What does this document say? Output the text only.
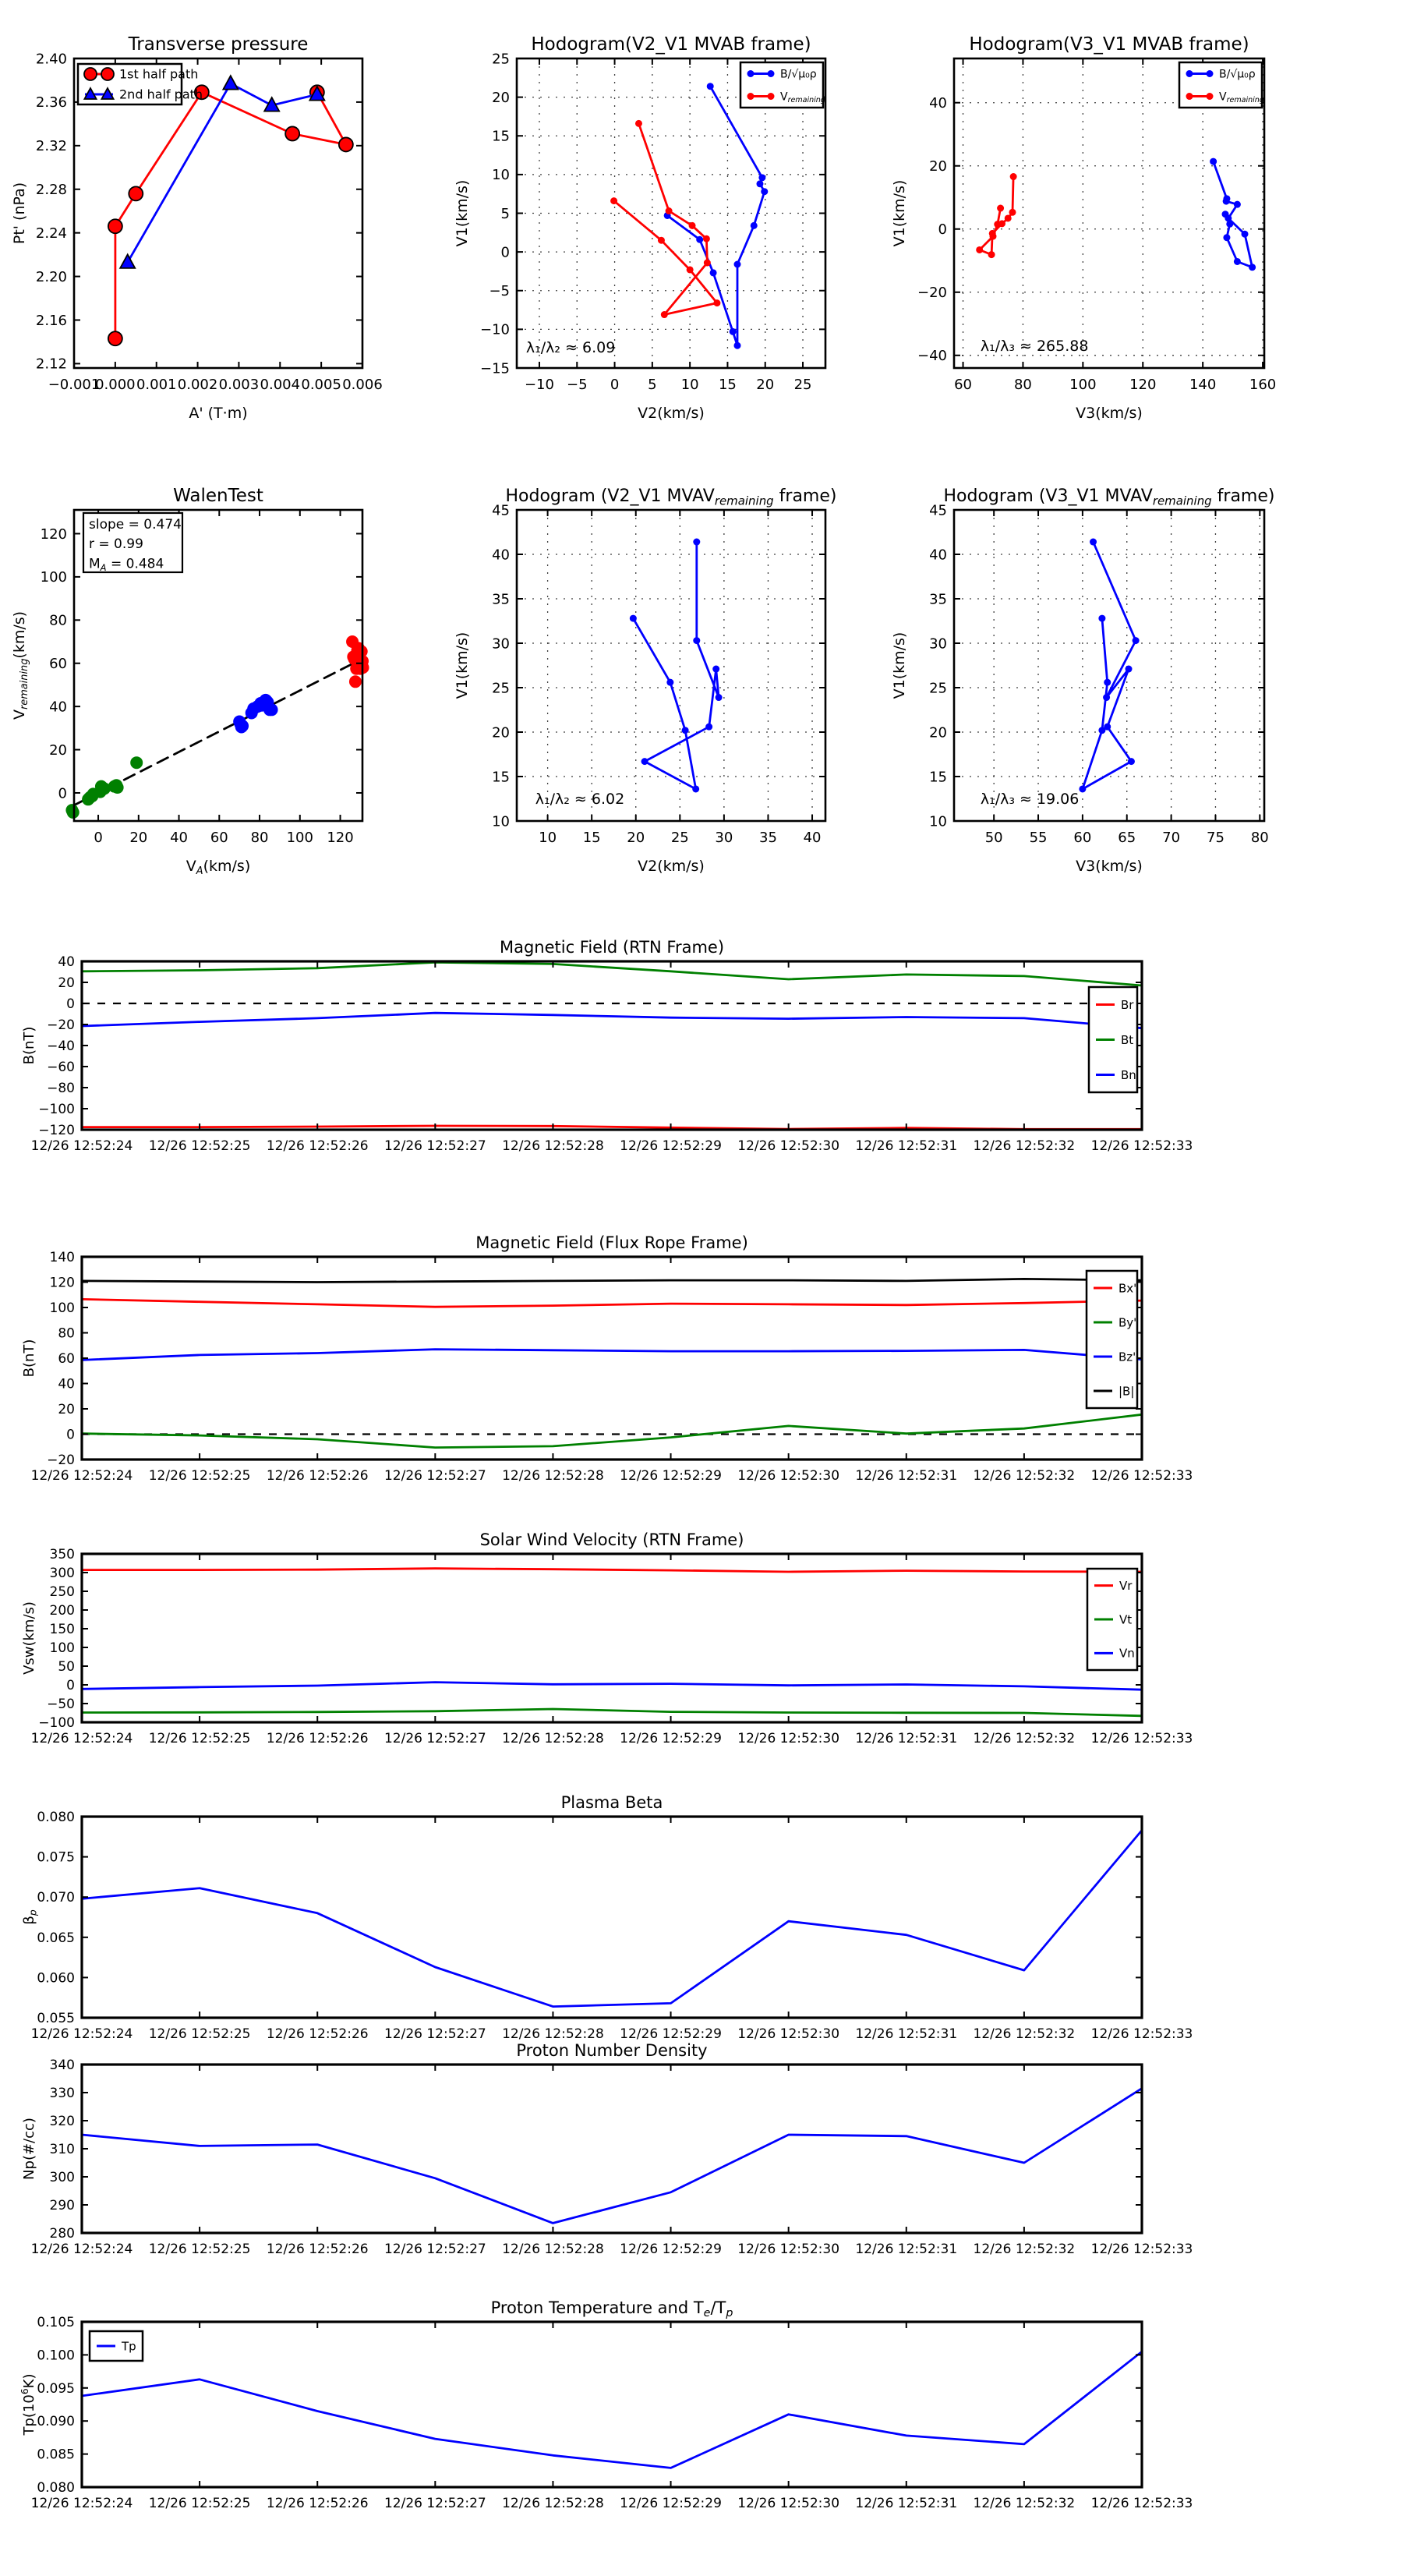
−0.001
0.000 0.001 0.002 0.003 0.004 0.005 0.006
2.12
2.16
2.20
2.24
2.28
2.32
2.36
2.40
Transverse pressure
A' (T·m)
Pt' (nPa)
1st half path
2nd half path
−10 −5 0 5 10 15 20 25
−15
−10
−5
0
5
10
15
20
25
Hodogram(V2_V1 MVAB frame)
V2(km/s)
V1(km/s)
λ₁/λ₂ ≈ 6.09
B/√μ₀ρ
$V_{remaining}$
60	80	100 120 140 160
−40
−20
0
20
40
Hodogram(V3_V1 MVAB frame)
V3(km/s)
V1(km/s)
λ₁/λ₃ ≈ 265.88
B/√μ₀ρ
$V_{remaining}$
0 20 40 60 80 100 120
0
20
40
60
80
100
120
WalenTest
$V_A(km/s)$
$V_{remaining}(km/s)$
slope = 0.474
r = 0.99
$M_A = 0.484$
10 15 20 25 30 35 40
10
15
20
25
30
35
40
45
Hodogram (V2_V1 $MVAV_{remaining}$ frame)
V2(km/s)
V1(km/s)
λ₁/λ₂ ≈ 6.02
50 55 60 65 70 75 80
10
15
20
25
30
35
40
45
Hodogram (V3_V1 $MVAV_{remaining}$ frame)
V3(km/s)
V1(km/s)
λ₁/λ₃ ≈ 19.06
12/26 12:52:24 12/26 12:52:25 12/26 12:52:26 12/26 12:52:27 12/26 12:52:28 12/26 12:52:29 12/26 12:52:30 12/26 12:52:31 12/26 12:52:32 12/26 12:52:33
−120
−100
−80
−60
−40
−20
0
20
40
Magnetic Field (RTN Frame)
B(nT)
Br
Bt
Bn
12/26 12:52:24 12/26 12:52:25 12/26 12:52:26 12/26 12:52:27 12/26 12:52:28 12/26 12:52:29 12/26 12:52:30 12/26 12:52:31 12/26 12:52:32 12/26 12:52:33
−20
0
20
40
60
80
100
120
140
Magnetic Field (Flux Rope Frame)
B(nT)
Bx'
By'
Bz'
|B|
12/26 12:52:24 12/26 12:52:25 12/26 12:52:26 12/26 12:52:27 12/26 12:52:28 12/26 12:52:29 12/26 12:52:30 12/26 12:52:31 12/26 12:52:32 12/26 12:52:33
−100
−50
0
50
100
150
200
250
300
350
Solar Wind Velocity (RTN Frame)
Vsw(km/s)
Vr
Vt
Vn
12/26 12:52:24 12/26 12:52:25 12/26 12:52:26 12/26 12:52:27 12/26 12:52:28 12/26 12:52:29 12/26 12:52:30 12/26 12:52:31 12/26 12:52:32 12/26 12:52:33
0.055
0.060
0.065
0.070
0.075
0.080
Plasma Beta
$\beta_p$
12/26 12:52:24 12/26 12:52:25 12/26 12:52:26 12/26 12:52:27 12/26 12:52:28 12/26 12:52:29 12/26 12:52:30 12/26 12:52:31 12/26 12:52:32 12/26 12:52:33
280
290
300
310
320
330
340
Proton Number Density
Np(#/cc)
12/26 12:52:24 12/26 12:52:25 12/26 12:52:26 12/26 12:52:27 12/26 12:52:28 12/26 12:52:29 12/26 12:52:30 12/26 12:52:31 12/26 12:52:32 12/26 12:52:33
0.080
0.085
0.090
0.095
0.100
0.105
Proton Temperature and $T_e/T_p$
$Tp(10^6K)$
Tp
